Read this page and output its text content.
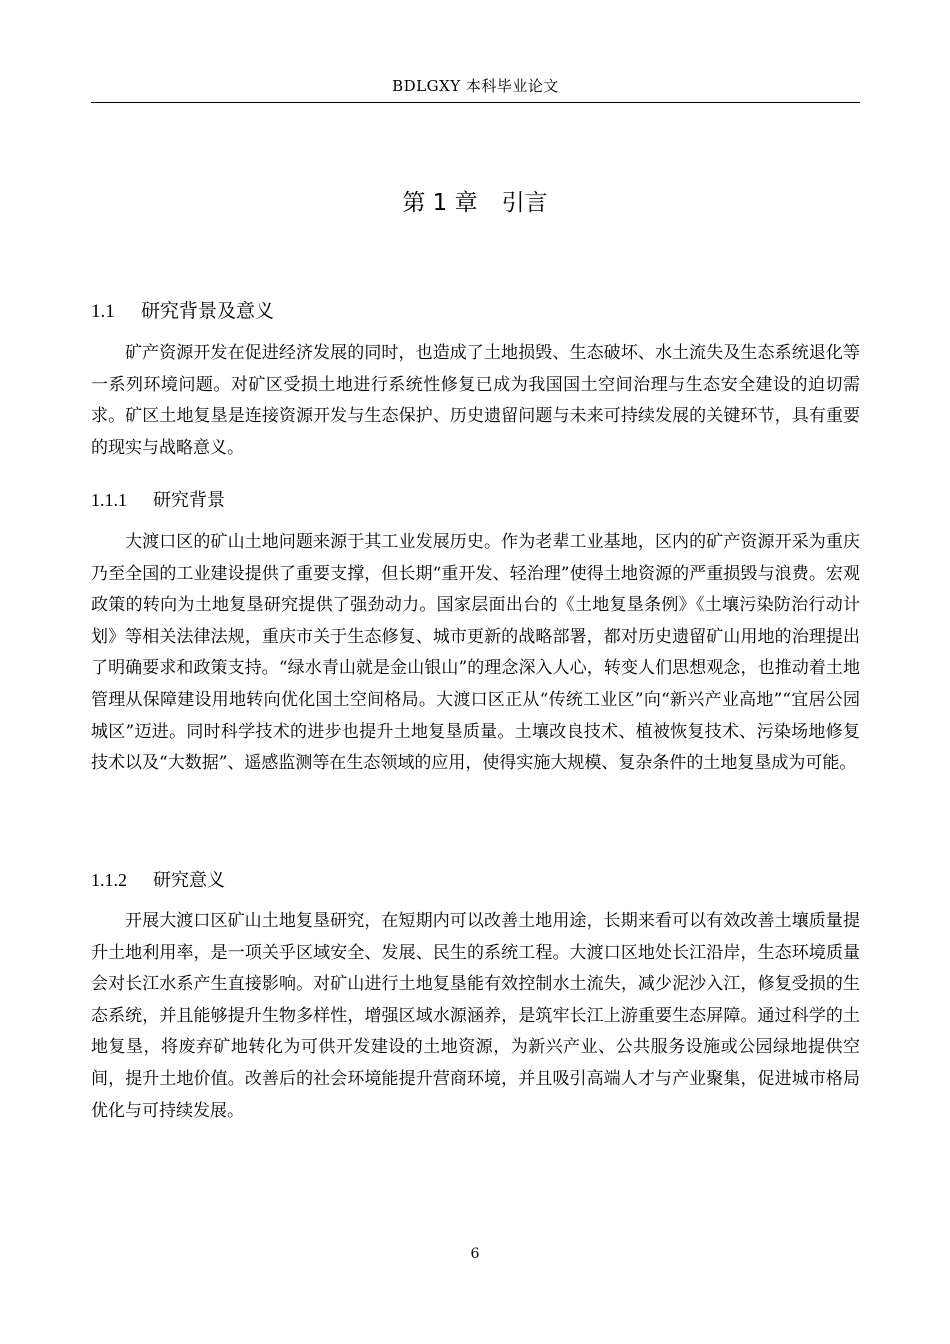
BDLGXY 本科毕业论文
第 1 章 引言
1.1 研究背景及意义

矿产资源开发在促进经济发展的同时，也造成了土地损毁、生态破坏、水土流失及生态系统退化等一系列环境问题。对矿区受损土地进行系统性修复已成为我国国土空间治理与生态安全建设的迫切需求。矿区土地复垦是连接资源开发与生态保护、历史遗留问题与未来可持续发展的关键环节，具有重要的现实与战略意义。

1.1.1 研究背景

大渡口区的矿山土地问题来源于其工业发展历史。作为老辈工业基地，区内的矿产资源开采为重庆乃至全国的工业建设提供了重要支撑，但长期“重开发、轻治理”使得土地资源的严重损毁与浪费。宏观政策的转向为土地复垦研究提供了强劲动力。国家层面出台的《土地复垦条例》《土壤污染防治行动计划》等相关法律法规，重庆市关于生态修复、城市更新的战略部署，都对历史遗留矿山用地的治理提出了明确要求和政策支持。“绿水青山就是金山银山”的理念深入人心，转变人们思想观念，也推动着土地管理从保障建设用地转向优化国土空间格局。大渡口区正从“传统工业区”向“新兴产业高地”“宜居公园城区”迈进。同时科学技术的进步也提升土地复垦质量。土壤改良技术、植被恢复技术、污染场地修复技术以及“大数据”、遥感监测等在生态领域的应用，使得实施大规模、复杂条件的土地复垦成为可能。

1.1.2 研究意义

开展大渡口区矿山土地复垦研究，在短期内可以改善土地用途，长期来看可以有效改善土壤质量提升土地利用率，是一项关乎区域安全、发展、民生的系统工程。大渡口区地处长江沿岸，生态环境质量会对长江水系产生直接影响。对矿山进行土地复垦能有效控制水土流失，减少泥沙入江，修复受损的生态系统，并且能够提升生物多样性，增强区域水源涵养，是筑牢长江上游重要生态屏障。通过科学的土地复垦，将废弃矿地转化为可供开发建设的土地资源，为新兴产业、公共服务设施或公园绿地提供空间，提升土地价值。改善后的社会环境能提升营商环境，并且吸引高端人才与产业聚集，促进城市格局优化与可持续发展。

6
